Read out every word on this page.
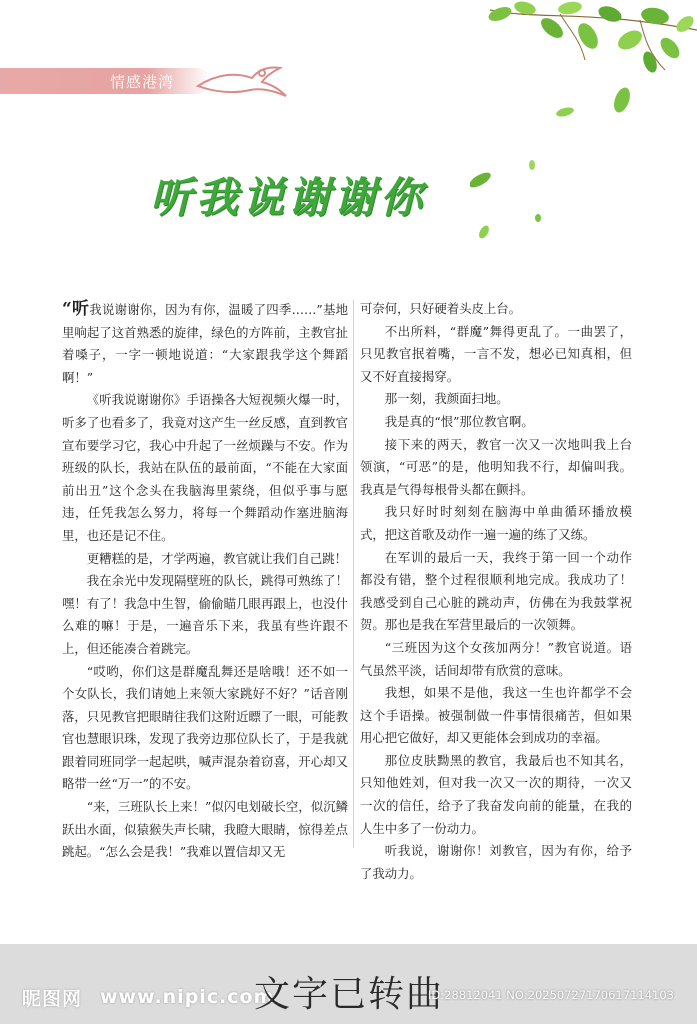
情感港湾
听我说谢谢你

“听我说谢谢你，因为有你，温暖了四季……”基地里响起了这首熟悉的旋律，绿色的方阵前，主教官扯着嗓子，一字一顿地说道：“大家跟我学这个舞蹈啊！”

《听我说谢谢你》手语操各大短视频火爆一时，听多了也看多了，我竟对这产生一丝反感，直到教官宣布要学习它，我心中升起了一丝烦躁与不安。作为班级的队长，我站在队伍的最前面，“不能在大家面前出丑”这个念头在我脑海里萦绕，但似乎事与愿违，任凭我怎么努力，将每一个舞蹈动作塞进脑海里，也还是记不住。

更糟糕的是，才学两遍，教官就让我们自己跳！

我在余光中发现隔壁班的队长，跳得可熟练了！嘿！有了！我急中生智，偷偷瞄几眼再跟上，也没什么难的嘛！于是，一遍音乐下来，我虽有些许跟不上，但还能凑合着跳完。

“哎哟，你们这是群魔乱舞还是啥哦！还不如一个女队长，我们请她上来领大家跳好不好？”话音刚落，只见教官把眼睛往我们这附近瞟了一眼，可能教官也慧眼识珠，发现了我旁边那位队长了，于是我就跟着同班同学一起起哄，喊声混杂着窃喜，开心却又略带一丝“万一”的不安。

“来，三班队长上来！”似闪电划破长空，似沉鳞跃出水面，似猿猴失声长啸，我瞪大眼睛，惊得差点跳起。“怎么会是我！”我难以置信却又无

可奈何，只好硬着头皮上台。

不出所料，“群魔”舞得更乱了。一曲罢了，只见教官抿着嘴，一言不发，想必已知真相，但又不好直接揭穿。

那一刻，我颜面扫地。

我是真的“恨”那位教官啊。

接下来的两天，教官一次又一次地叫我上台领演，“可恶”的是，他明知我不行，却偏叫我。我真是气得每根骨头都在颤抖。

我只好时时刻刻在脑海中单曲循环播放模式，把这首歌及动作一遍一遍的练了又练。

在军训的最后一天，我终于第一回一个动作都没有错，整个过程很顺利地完成。我成功了！我感受到自己心脏的跳动声，仿佛在为我鼓掌祝贺。那也是我在军营里最后的一次领舞。

“三班因为这个女孩加两分！”教官说道。语气虽然平淡，话间却带有欣赏的意味。

我想，如果不是他，我这一生也许都学不会这个手语操。被强制做一件事情很痛苦，但如果用心把它做好，却又更能体会到成功的幸福。

那位皮肤黝黑的教官，我最后也不知其名，只知他姓刘，但对我一次又一次的期待，一次又一次的信任，给予了我奋发向前的能量，在我的人生中多了一份动力。

听我说，谢谢你！刘教官，因为有你，给予了我动力。

昵图网 www.nipic.com
文字已转曲
ID:28812041 NO:20250727170617114103
